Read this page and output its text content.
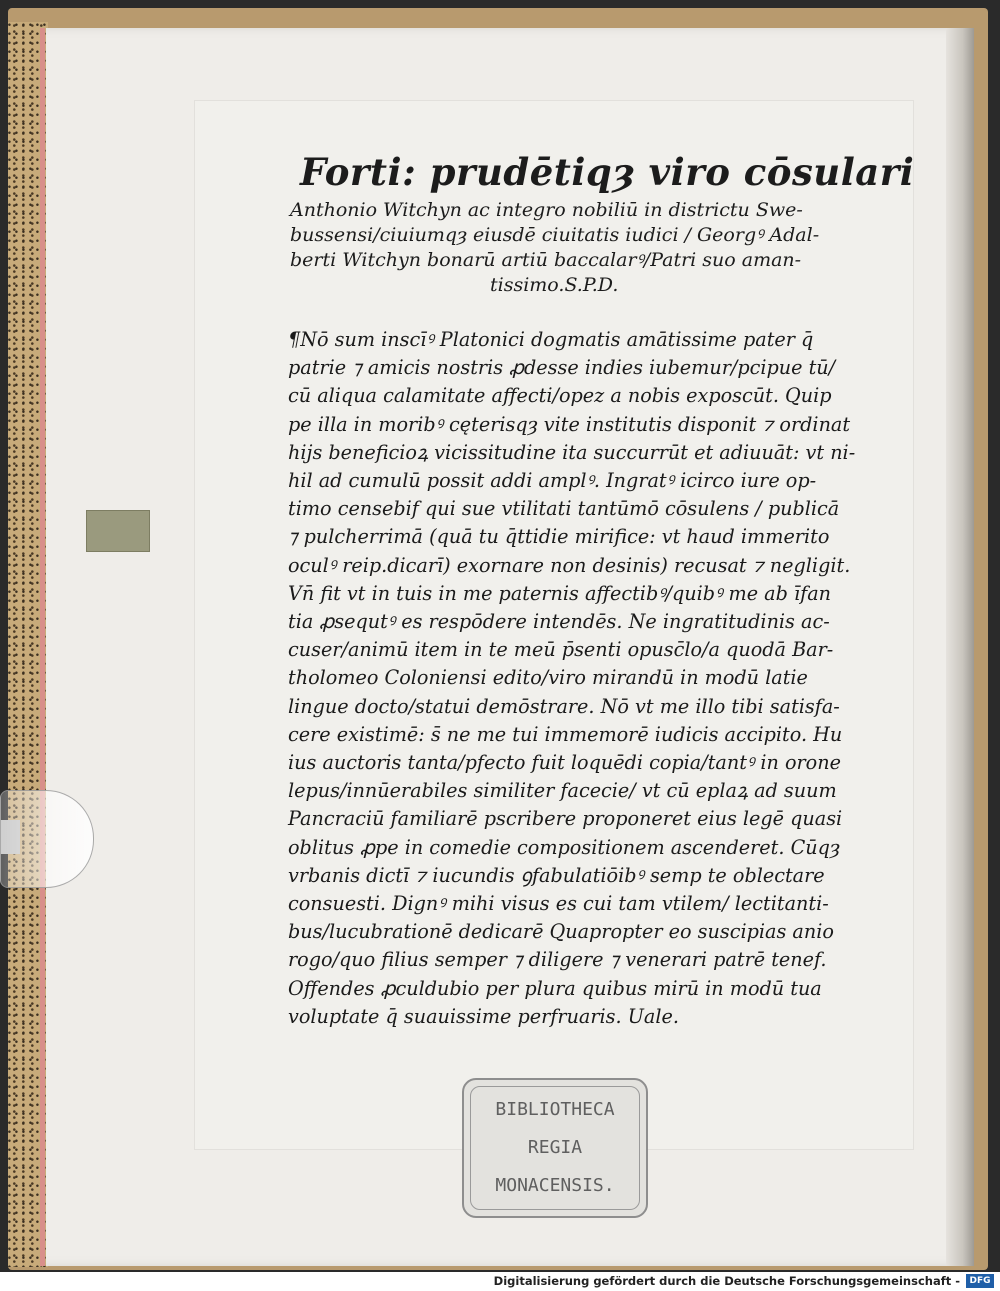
Forti: prudētiqȝ viro cōsulari
Anthonio Witchyn ac integro nobiliū in districtu Swe-
bussensi/ciuiumqȝ eiusdē ciuitatis iudici / Georgꝰ Adal-
berti Witchyn bonarū artiū baccalarꝰ/Patri suo aman-
tissimo.S.P.D.
¶Nō sum inscīꝰ Platonici dogmatis amātissime pater q̄
patrie ⁊ amicis nostris ꝓdesse indies iubemur/pcipue tū/
cū aliqua calamitate affecti/opez a nobis exposcūt. Quip
pe illa in moribꝰ cęterisqȝ vite institutis disponit ⁊ ordinat
hijs beneficioꝝ vicissitudine ita succurrūt et adiuuāt: vt ni-
hil ad cumulū possit addi amplꝰ. Ingratꝰ icirco iure op-
timo censebif qui sue vtilitati tantūmō cōsulens / publicā
⁊ pulcherrimā (quā tu q̄ttidie mirifice: vt haud immerito
oculꝰ reip.dicarī) exornare non desinis) recusat ⁊ negligit.
Vn̄ fit vt in tuis in me paternis affectibꝰ/quibꝰ me ab īfan
tia ꝓsequtꝰ es respōdere intendēs. Ne ingratitudinis ac-
cuser/animū item in te meū p̄senti opusc̄lo/a quodā Bar-
tholomeo Coloniensi edito/viro mirandū in modū latie
lingue docto/statui demōstrare. Nō vt me illo tibi satisfa-
cere existimē: s̄ ne me tui immemorē iudicis accipito. Hu
ius auctoris tanta/pfecto fuit loquēdi copia/tantꝰ in orone
lepus/innūerabiles similiter facecie/ vt cū eplaꝝ ad suum
Pancraciū familiarē pscribere proponeret eius legē quasi
oblitus ꝓpe in comedie compositionem ascenderet. Cūqȝ
vrbanis dictī ⁊ iucundis ꝯfabulatiōibꝰ semp te oblectare
consuesti. Dignꝰ mihi visus es cui tam vtilem/ lectitanti-
bus/lucubrationē dedicarē Quapropter eo suscipias anio
rogo/quo filius semper ⁊ diligere ⁊ venerari patrē tenef.
Offendes ꝓculdubio per plura quibus mirū in modū tua
voluptate q̄ suauissime perfruaris. Uale.
BIBLIOTHECA
REGIA
MONACENSIS.
Digitalisierung gefördert durch die Deutsche Forschungsgemeinschaft -	DFG
